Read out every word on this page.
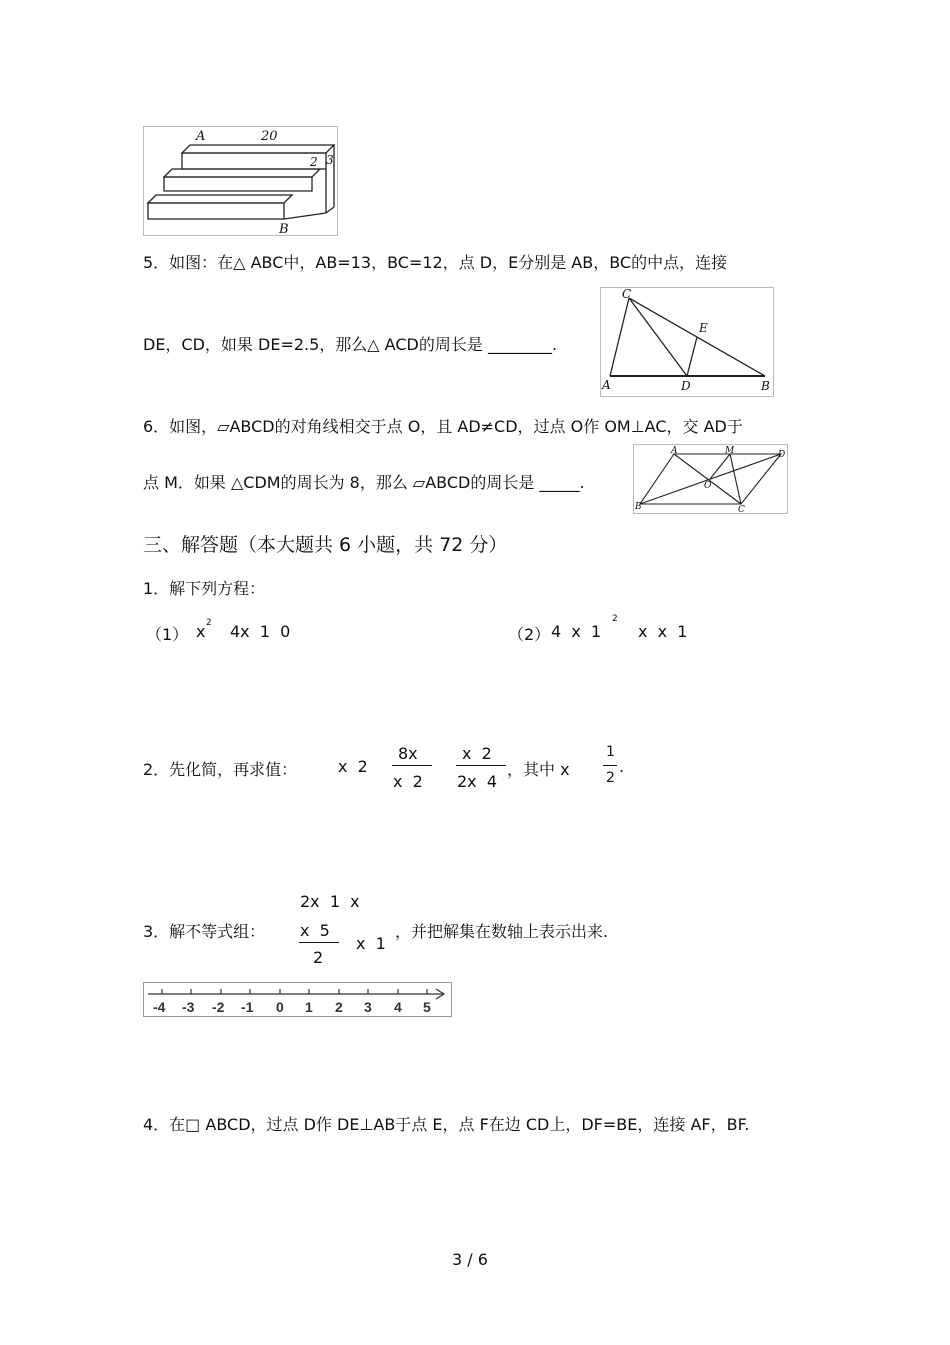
A	20
3
2
B
5．如图：在△ ABC中，AB=13，BC=12，点 D，E分别是 AB，BC的中点，连接
DE，CD，如果 DE=2.5，那么△ ACD的周长是 ________.
C
E
A	D	B
6．如图，▱ABCD的对角线相交于点 O，且 AD≠CD，过点 O作 OM⊥AC，交 AD于
点 M．如果 △CDM的周长为 8，那么 ▱ABCD的周长是 _____.
A	M	D
O
B	C
三、解答题（本大题共 6 小题，共 72 分）
1．解下列方程：
（1） x 2 4x  1  0	（2） 4  x  1
2
x  x  1
2．先化简，再求值：	x  2
8x
x  2
x  2
2x  4
，其中 x
1
2
.
3．解不等式组：
2x  1  x
x  5
2
x  1
，并把解集在数轴上表示出来.
-4 -3 -2 -1 0 1 2 3 4 5
4．在□ ABCD，过点 D作 DE⊥AB于点 E，点 F在边 CD上，DF=BE，连接 AF，BF.
3 / 6
